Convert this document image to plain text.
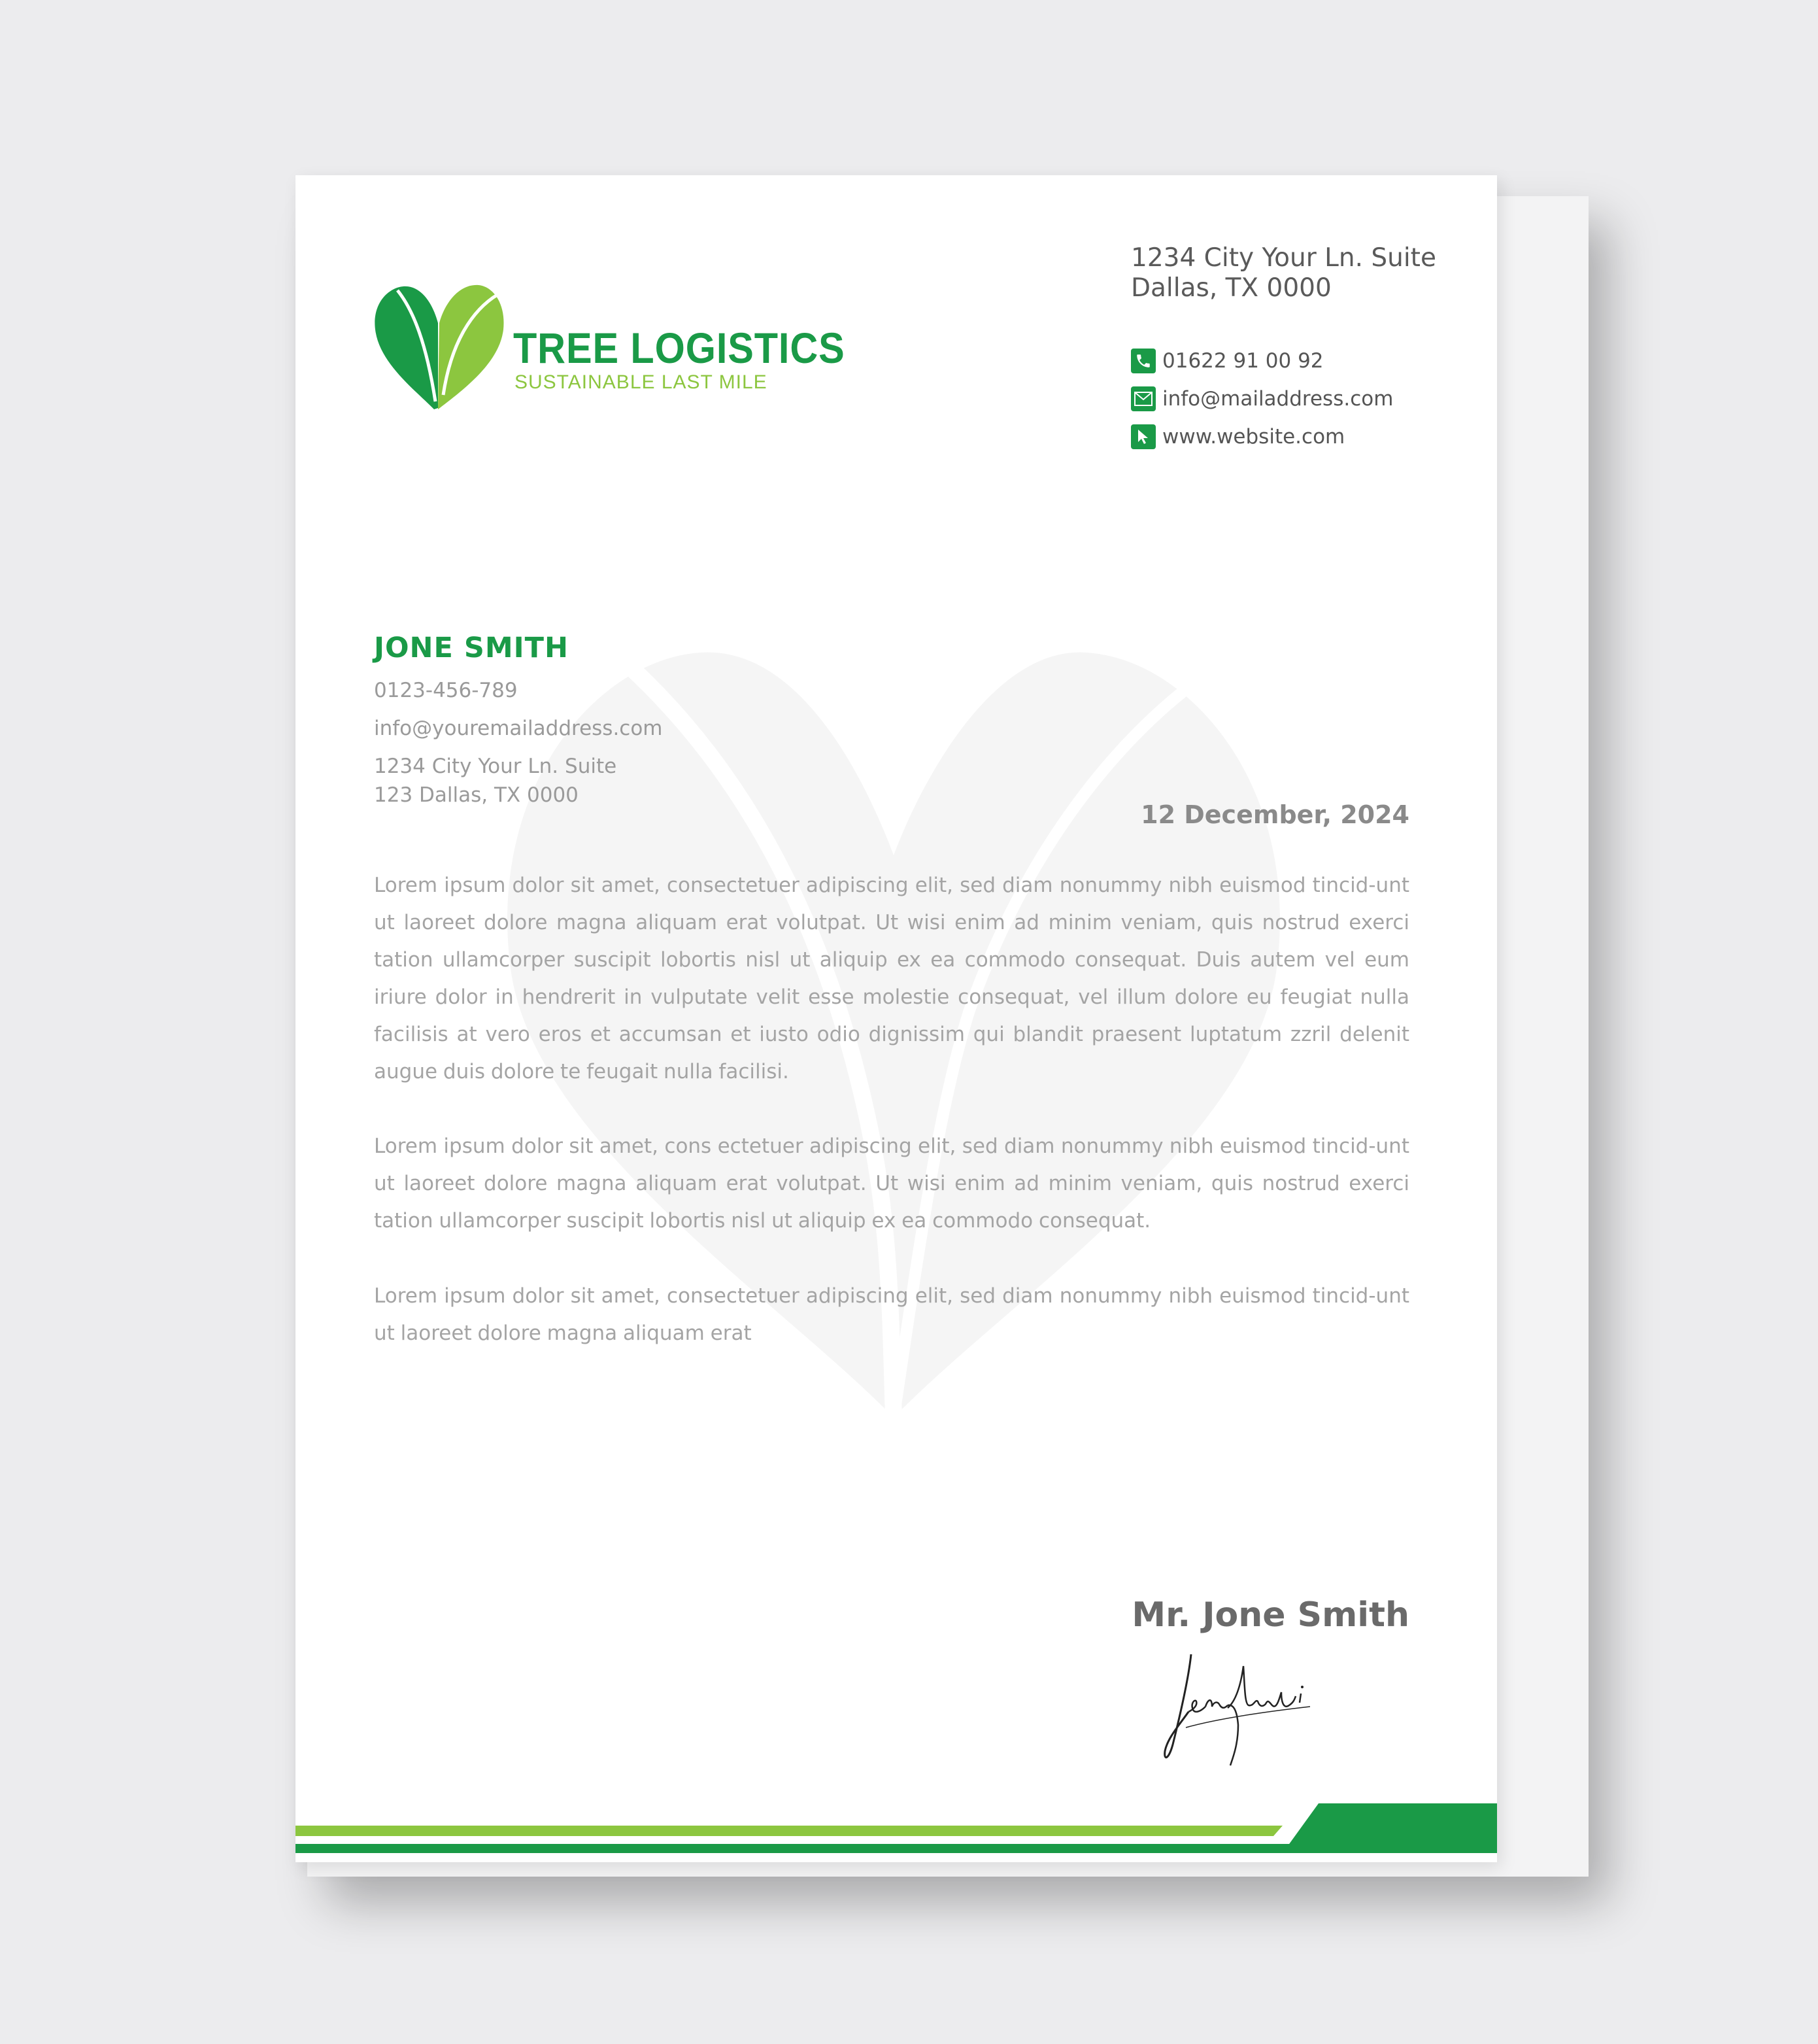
TREE LOGISTICS
SUSTAINABLE LAST MILE
1234 City Your Ln. Suite
Dallas, TX 0000
01622 91 00 92
info@mailaddress.com
www.website.com
JONE SMITH
0123-456-789
info@youremailaddress.com
1234 City Your Ln. Suite
123 Dallas, TX 0000
12 December, 2024

Lorem ipsum dolor sit amet, consectetuer adipiscing elit, sed diam nonummy nibh euismod tincid-unt ut laoreet dolore magna aliquam erat volutpat. Ut wisi enim ad minim veniam, quis nostrud exerci tation ullamcorper suscipit lobortis nisl ut aliquip ex ea commodo consequat. Duis autem vel eum iriure dolor in hendrerit in vulputate velit esse molestie consequat, vel illum dolore eu feugiat nulla facilisis at vero eros et accumsan et iusto odio dignissim qui blandit praesent luptatum zzril delenit augue duis dolore te feugait nulla facilisi.

Lorem ipsum dolor sit amet, cons ectetuer adipiscing elit, sed diam nonummy nibh euismod tincid-unt ut laoreet dolore magna aliquam erat volutpat. Ut wisi enim ad minim veniam, quis nostrud exerci tation ullamcorper suscipit lobortis nisl ut aliquip ex ea commodo consequat.

Lorem ipsum dolor sit amet, consectetuer adipiscing elit, sed diam nonummy nibh euismod tincid-unt ut laoreet dolore magna aliquam erat

Mr. Jone Smith
